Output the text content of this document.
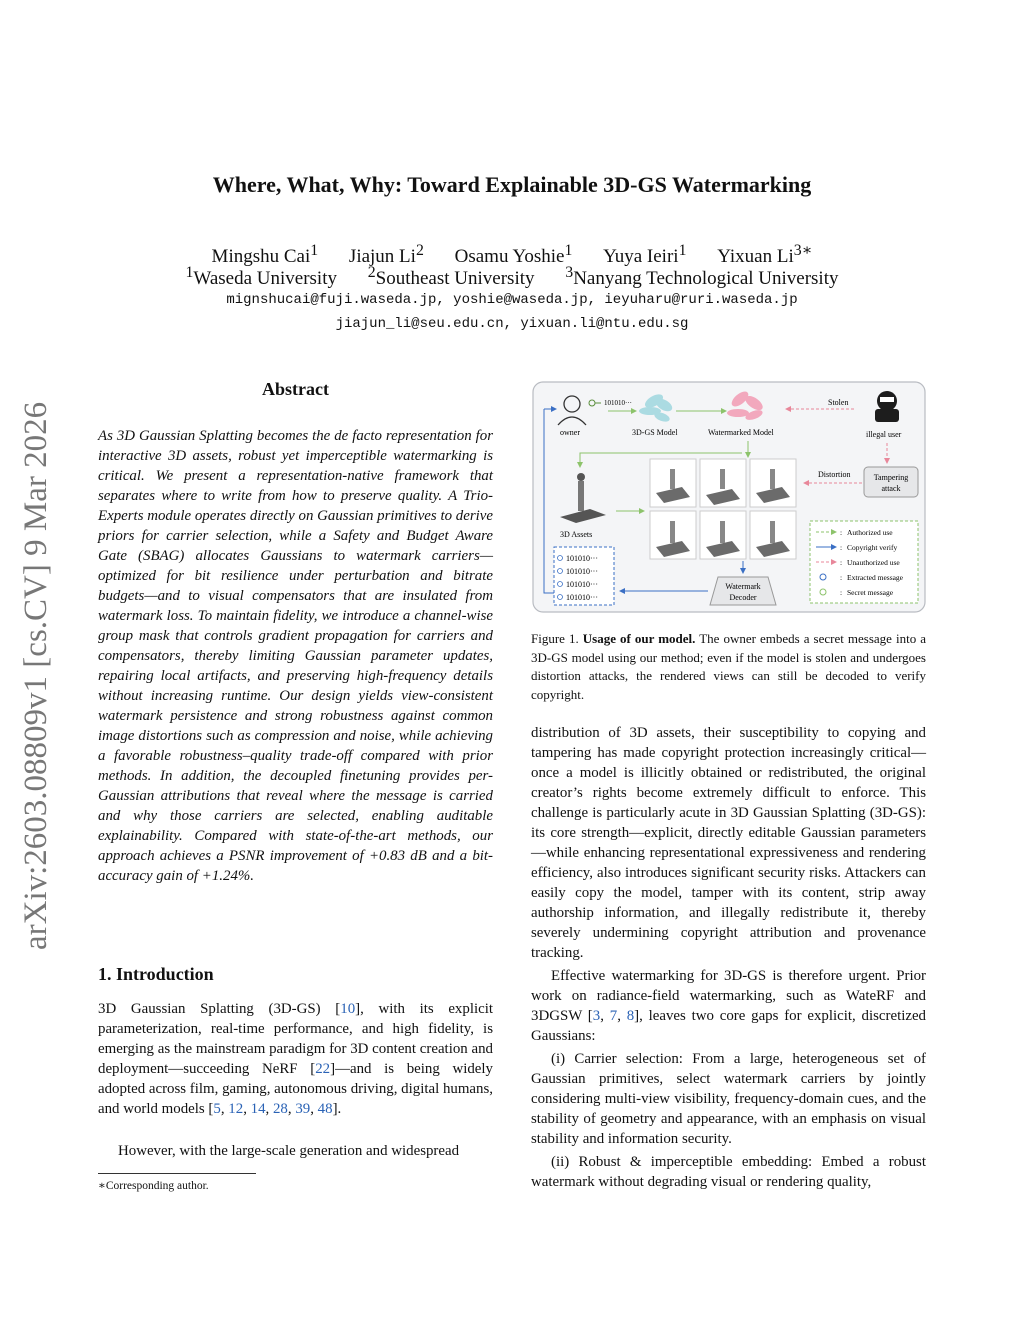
arXiv:2603.08809v1 [cs.CV] 9 Mar 2026
Where, What, Why: Toward Explainable 3D-GS Watermarking
Mingshu Cai$^1$ Jiajun Li$^2$ Osamu Yoshie$^1$ Yuya Ieiri$^1$ Yixuan $Li^{3∗}$
$^1$Waseda University $^2$Southeast University $^3$Nanyang Technological University
mignshucai@fuji.waseda.jp, yoshie@waseda.jp, ieyuharu@ruri.waseda.jp
jiajun_li@seu.edu.cn, yixuan.li@ntu.edu.sg
Abstract
As 3D Gaussian Splatting becomes the de facto representation for interactive 3D assets, robust yet imperceptible watermarking is critical. We present a representation-native framework that separates where to write from how to preserve quality. A Trio-Experts module operates directly on Gaussian primitives to derive priors for carrier selection, while a Safety and Budget Aware Gate (SBAG) allocates Gaussians to watermark carriers—optimized for bit resilience under perturbation and bitrate budgets—and to visual compensators that are insulated from watermark loss. To maintain fidelity, we introduce a channel-wise group mask that controls gradient propagation for carriers and compensators, thereby limiting Gaussian parameter updates, repairing local artifacts, and preserving high-frequency details without increasing runtime. Our design yields view-consistent watermark persistence and strong robustness against common image distortions such as compression and noise, while achieving a favorable robustness–quality trade-off compared with prior methods. In addition, the decoupled finetuning provides per-Gaussian attributions that reveal where the message is carried and why those carriers are selected, enabling auditable explainability. Compared with state-of-the-art methods, our approach achieves a PSNR improvement of +0.83 dB and a bit-accuracy gain of +1.24%.
1. Introduction
3D Gaussian Splatting (3D-GS) [10], with its explicit parameterization, real-time performance, and high fidelity, is emerging as the mainstream paradigm for 3D content creation and deployment—succeeding NeRF [22]—and is being widely adopted across film, gaming, autonomous driving, digital humans, and world models [5, 12, 14, 28, 39, 48].
However, with the large-scale generation and widespread
∗Corresponding author.
owner
101010···
3D-GS Model	Watermarked Model
Stolen
illegal user
3D Assets
Distortion	Tampering
attack
101010···
101010···
101010···
101010···
Watermark
Decoder
: Authorized use
: Copyright verify
: Unauthorized use
: Extracted message
: Secret message
Figure 1. Usage of our model. The owner embeds a secret message into a 3D-GS model using our method; even if the model is stolen and undergoes distortion attacks, the rendered views can still be decoded to verify copyright.

distribution of 3D assets, their susceptibility to copying and tampering has made copyright protection increasingly critical—once a model is illicitly obtained or redistributed, the original creator’s rights become extremely difficult to enforce. This challenge is particularly acute in 3D Gaussian Splatting (3D-GS): its core strength—explicit, directly editable Gaussian parameters—while enhancing representational expressiveness and rendering efficiency, also introduces significant security risks. Attackers can easily copy the model, tamper with its content, strip away authorship information, and illegally redistribute it, thereby severely undermining copyright attribution and provenance tracking.

Effective watermarking for 3D-GS is therefore urgent. Prior work on radiance-field watermarking, such as WateRF and 3DGSW [3, 7, 8], leaves two core gaps for explicit, discretized Gaussians:

(i) Carrier selection: From a large, heterogeneous set of Gaussian primitives, select watermark carriers by jointly considering multi-view visibility, frequency-domain cues, and the stability of geometry and appearance, with an emphasis on visual stability and information security.

(ii) Robust & imperceptible embedding: Embed a robust watermark without degrading visual or rendering quality,
